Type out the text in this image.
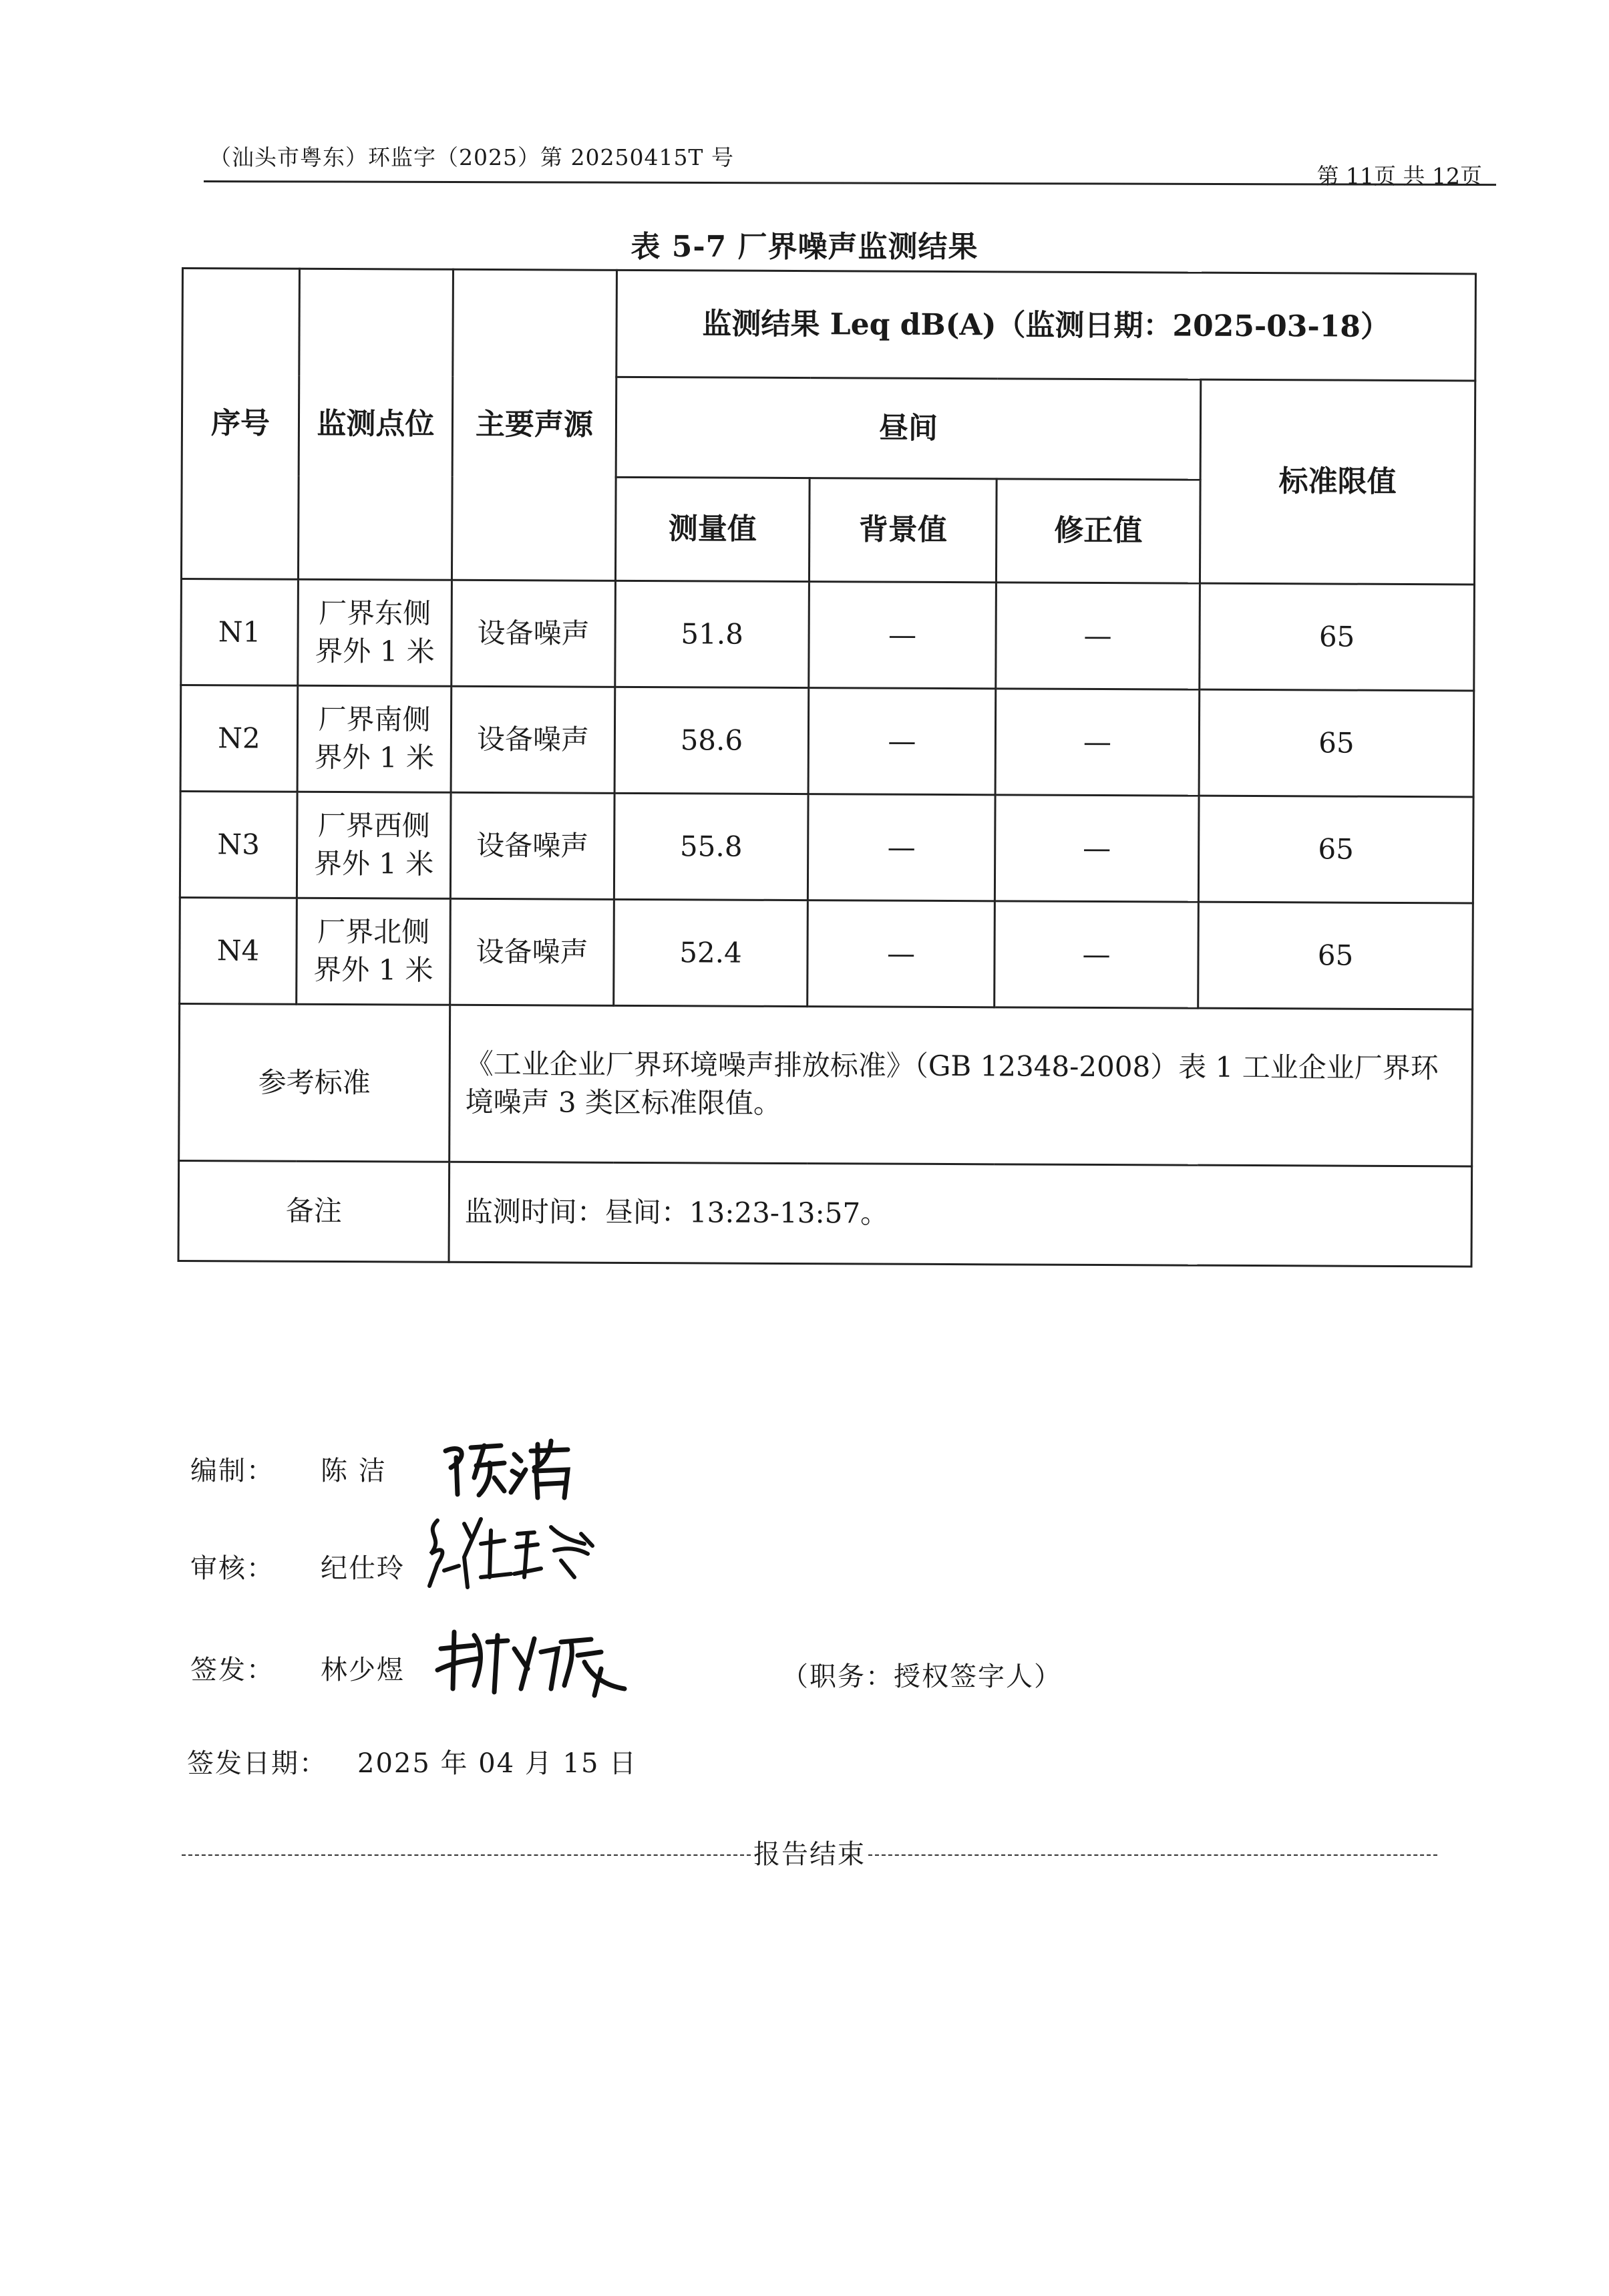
（汕头市粤东）环监字（2025）第 20250415T 号
第 11页 共 12页
表 5-7 厂界噪声监测结果
序号	监测点位	主要声源	监测结果 Leq dB(A)（监测日期：2025-03-18）			
			昼间			标准限值
			测量值	背景值	修正值	
N1	厂界东侧界外 1 米	设备噪声	51.8	—	—	65
N2	厂界南侧界外 1 米	设备噪声	58.6	—	—	65
N3	厂界西侧界外 1 米	设备噪声	55.8	—	—	65
N4	厂界北侧界外 1 米	设备噪声	52.4	—	—	65
参考标准		《工业企业厂界环境噪声排放标准》（GB 12348-2008）表 1 工业企业厂界环境噪声 3 类区标准限值。				
备注		监测时间：昼间：13:23-13:57。				
编制： 陈 洁
审核： 纪仕玲
签发： 林少煜	（职务：授权签字人）
签发日期： 2025 年 04 月 15 日
报告结束
